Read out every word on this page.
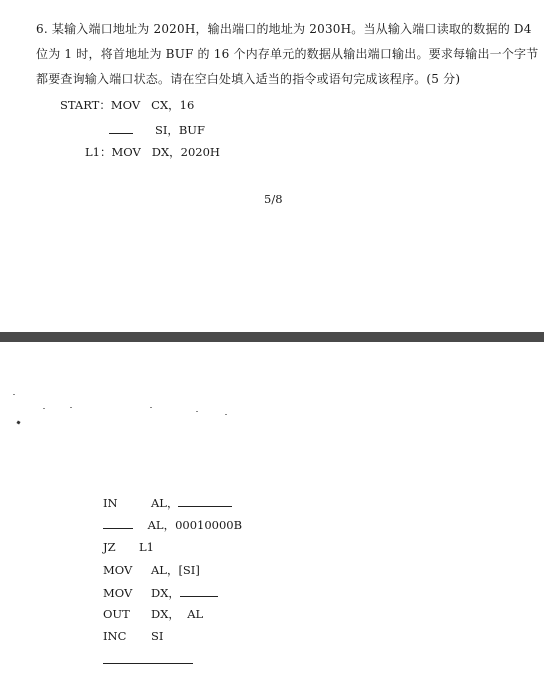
6. 某输入端口地址为 2020H，输出端口的地址为 2030H。当从输入端口读取的数据的 D4
位为 1 时，将首地址为 BUF 的 16 个内存单元的数据从输出端口输出。要求每输出一个字节
都要查询输入端口状态。请在空白处填入适当的指令或语句完成该程序。(5 分)
START：MOV CX，16
SI，BUF
L1：MOV DX，2020H
5/8
IN	AL，
AL，00010000B
JZ L1
MOV AL，[SI]
MOV DX，
OUT DX，  AL
INC SI
